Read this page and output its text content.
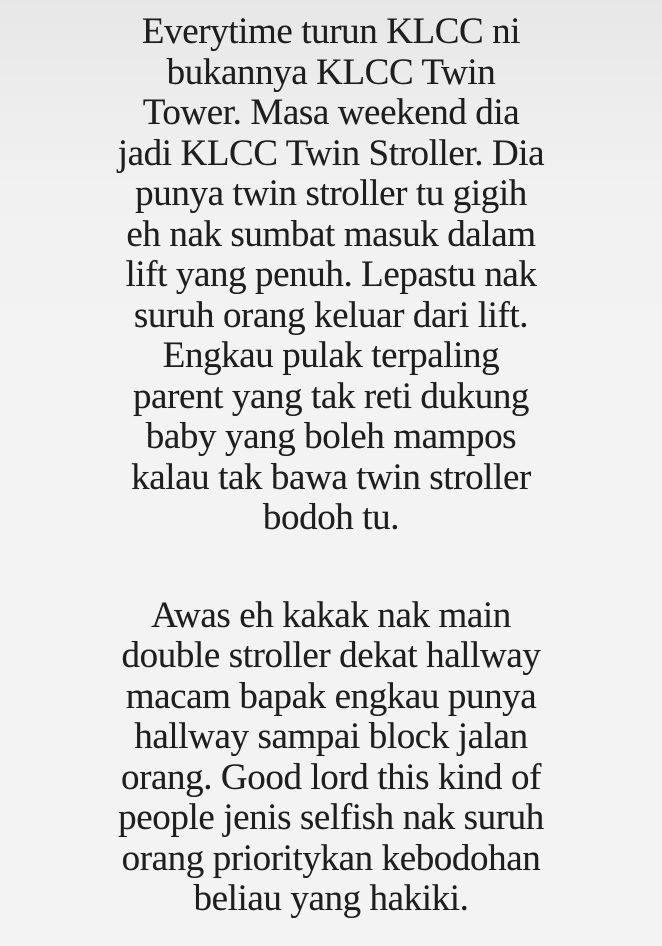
Everytime turun KLCC ni
bukannya KLCC Twin
Tower. Masa weekend dia
jadi KLCC Twin Stroller. Dia
punya twin stroller tu gigih
eh nak sumbat masuk dalam
lift yang penuh. Lepastu nak
suruh orang keluar dari lift.
Engkau pulak terpaling
parent yang tak reti dukung
baby yang boleh mampos
kalau tak bawa twin stroller
bodoh tu.
Awas eh kakak nak main
double stroller dekat hallway
macam bapak engkau punya
hallway sampai block jalan
orang. Good lord this kind of
people jenis selfish nak suruh
orang prioritykan kebodohan
beliau yang hakiki.
